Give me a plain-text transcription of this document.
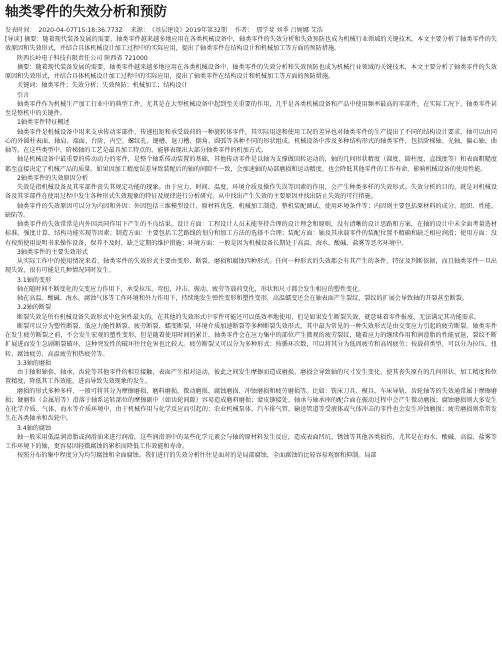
轴类零件的失效分析和预防
发表时间： 2020-04-07T15:18:36.773Z 来源： 《基层建设》2019年第32期 作者： 那学斐 刘季 吕婉娜 艾浩

[导读] 摘要：随着现代装备发展的需要，轴类零件越来越多地应用在各类机械设备中，轴类零件的失效分析和失效预防也成为机械行业领域的关键技术，本文主要分析了轴类零件的失效原因和失效形式，并结合具体机械设计加工过程中的实际应用，提出了轴类零件在结构设计和机械加工等方面的预防措施。

陕西长岭电子科技有限责任公司 陕西省 721000

摘要：随着现代装备发展的需要，轴类零件越来越多地应用在各类机械设备中，轴类零件的失效分析和失效预防也成为机械行业领域的关键技术，本文主要分析了轴类零件的失效原因和失效形式，并结合具体机械设计加工过程中的实际应用，提出了轴类零件在结构设计和机械加工等方面的预防措施。

关键词：轴类零件；失效分析；失效预防；机械加工；结构设计

引言

轴类零件作为机械生产加工行业中的典型工件，尤其是在大型机械设备中起到至关重要的作用，几乎是各类机械设备和产品中使用频率最高的零部件，在实际工况下，轴类零件甚至是整机中的关键件。

1轴类零件特征概述

轴类零件是机械设备中用来支承传动零部件、传递扭矩和承受载荷的一种旋转体零件，其实际用途和使用工况的差异也对轴类零件的生产提出了不同的结构设计要求，轴可以由同心的外圆柱表面、轴肩、端面、台阶、内空、螺纹孔、键槽、退刀槽、倒角、圆弧等各种不同的形状组成。机械设备中涉及多种结构形式的轴类零件，包括阶梯轴、光轴、偏心轴、曲轴等。在这些类型中，阶梯轴的工艺是最具加工特点的，能够表现出大部分轴类零件的机加方式。

轴是机械设备中最重要的传动动力的零件，是整个轴系传动装置的基础，其他传动零件是以轴为支撑做回转运动的，轴的几何形状精度（圆度、圆柱度、直线度等）和表面粗糙度都至直接决定了机械产品的质量。如果因加工精度误差导致装配后的轴的间隙不一致，会加速轴的局部磨损和运动精度，也会降低其他零件的工作寿命，影响机械设备的使用性能。

2轴类零件的失效原因分析

失效是指机械设备及其零部件丧失其规定功能的现象。由于应力、时间、温度、环境介质及操作失误等因素的作用，会产生种类多样的失效形式。失效分析的目的，就是对机械设备及其零部件在使用过程中发生各种形式失效现象的特征及规律进行分析研究，从中找出产生失效的主要原因并找出防止失效的可行措施。

轴类零件的失效原因可以分为内因和外因：外因包括三维模型设计、原材料优选、机械加工制造、整机装配调试、使用环境条件等；内因则主要包括原材料的成分、组织、性能、缺陷等。

轴类零件的失效常常是内外因共同作用下产生的不良结果。设计方面：工程设计人员未能坚持合理的设计理念和原则，没有清晰的设计思路和方案，在轴的设计中未全面考量选材标准、强度计算、结构功能实现等因素；制造方面：主要包括工艺路线的划分和加工方法的选择不合理；装配方面：轴及其承载零件的装配位置不精确和缺乏相应润滑；使用方面：没有按照使用说明书来操作设备，保养不及时，缺乏定期的维护措施；环境方面：一般是因为机械设备长期处于高温、海水、酸碱、盐雾等恶劣环境中。

3轴类零件的主要失效形式

从实际工作中的使用情况来看，轴类零件的失效形式主要由变形、断裂、磨损和腐蚀四种形式。任何一种形式的失效都会有其产生的条件、特征及判断依据，而且轴类零件一旦出现失效，很有可能是几种情况同时发生。

3.1轴的变形

轴在随时间不断变化的交变应力作用下，承受拉压、弯扭、冲击、振动、疲劳等载荷变化，形状和尺寸都会发生相应的塑性变化。

轴在高温、酸碱、海水、腐蚀气体等工作环境和外力作用下，持续地发生弹性变形和塑性变形，高温蠕变还会在轴表面产生裂纹，裂纹的扩展会导致轴的开裂甚至断裂。

3.2轴的断裂

断裂失效是所有机械设备失效形式中危害性最大的，在其他的失效形式中零件可能还可以低效率地使用，但是如果发生断裂失效，就意味着零件报废，无法满足其功能需求。

断裂可以分为塑性断裂、低应力脆性断裂、疲劳断裂、蠕变断裂、环境介质加速断裂等多种断裂失效形式，其中最为常见的一种失效形式是由交变应力引起的疲劳断裂。轴类零件在发生疲劳断裂之前，不会发生宏观的塑性变形，但是随着使用时间的累计，轴类零件会在应力集中的部位产生微观的疲劳裂纹，随着应力的继续作用和润滑脂的性能衰退，裂纹不断扩展进而发生急剧断裂破坏，这种突发性的破坏往往危害也比较大。疲劳断裂又可以分为多种形式：按循环次数，可以将其分为低周疲劳和高周疲劳；按载荷类型，可以分为拉压、扭转、腐蚀疲劳、高温疲劳和热疲劳等。

3.3轴的磨损

由于轴和轴套、轴承、齿轮等其他零件的相互接触，表面产生相对运动，彼此之间发生摩擦而造成磨损。磨损会导致轴的尺寸发生变化，使其丧失原有的几何形状、加工精度和位置精度，降低其工作效能，进而导致失效现象的发生。

磨损的形式多种多样，一般可将其分为摩擦磨损、磨料磨损、微动磨损、腐蚀磨损、冲蚀磨损和疲劳磨损等。比如：铣床刀具、模具、车床导轨、齿轮轴等的失效通常属于摩擦磨损；硬磨粒（金属屑等）滑落于轴系运转部位的摩擦副中（如齿轮间隙）容易造成磨料磨损；蒙皮铆接处、轴承与轴承座的配合面在振动过程中会产生微动磨损；腐蚀磨损则大多发生在化学介质、气体、海水等介质环境中，由于机械作用与化学反应而引起的；农业机械泵体、汽车排气管、输送管道等受液体或气体冲击的零件也会发生冲蚀磨损；疲劳磨损则常常发生在各类轴承和齿轮中。

3.4轴的腐蚀

轴一般采用低温润滑脂或润滑油来进行润滑，这些润滑剂中的某些化学元素会与轴的原材料发生反应，造成表面凹坑、锈蚀等其他各类损伤，尤其是在海水、酸碱、高温、盐雾等工作环境下的轴，更容易因轻微腐蚀的累积而降低工作效能和寿命。

按照分布的集中程度分为均匀腐蚀和全面腐蚀。我们进行的失效分析往往是面对的是局部腐蚀，全面腐蚀的比较容易观察和抑制。局部
